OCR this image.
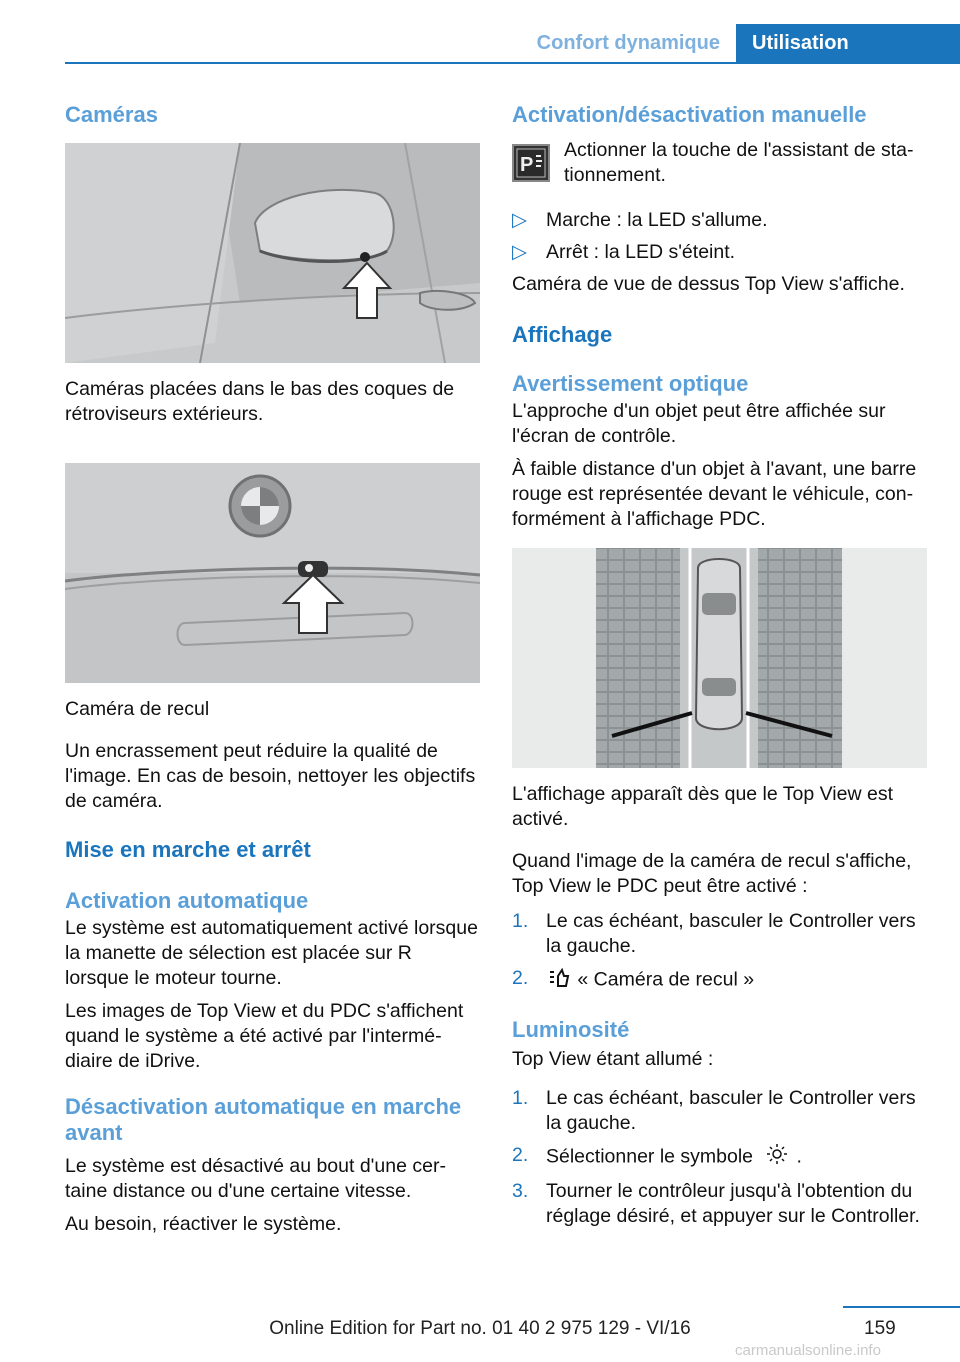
Confort dynamique	Utilisation
Caméras

Caméras placées dans le bas des coques de rétroviseurs extérieurs.

Caméra de recul

Un encrassement peut réduire la qualité de l'image. En cas de besoin, nettoyer les objectifs de caméra.

Mise en marche et arrêt
Activation automatique

Le système est automatiquement activé lorsque la manette de sélection est placée sur R lorsque le moteur tourne.

Les images de Top View et du PDC s'affichent quand le système a été activé par l'intermédiaire de iDrive.

Désactivation automatique en marche avant

Le système est désactivé au bout d'une certaine distance ou d'une certaine vitesse.

Au besoin, réactiver le système.

Activation/désactivation manuelle
P

Actionner la touche de l'assistant de stationnement.

▷ Marche : la LED s'allume.
▷ Arrêt : la LED s'éteint.

Caméra de vue de dessus Top View s'affiche.

Affichage
Avertissement optique

L'approche d'un objet peut être affichée sur l'écran de contrôle.

À faible distance d'un objet à l'avant, une barre rouge est représentée devant le véhicule, conformément à l'affichage PDC.

L'affichage apparaît dès que le Top View est activé.

Quand l'image de la caméra de recul s'affiche, Top View le PDC peut être activé :

1. Le cas échéant, basculer le Controller vers la gauche.
2. « Caméra de recul »
Luminosité

Top View étant allumé :

1. Le cas échéant, basculer le Controller vers la gauche.
2. Sélectionner le symbole .
3. Tourner le contrôleur jusqu'à l'obtention du réglage désiré, et appuyer sur le Controller.
159
Online Edition for Part no. 01 40 2 975 129 - VI/16
carmanualsonline.info
